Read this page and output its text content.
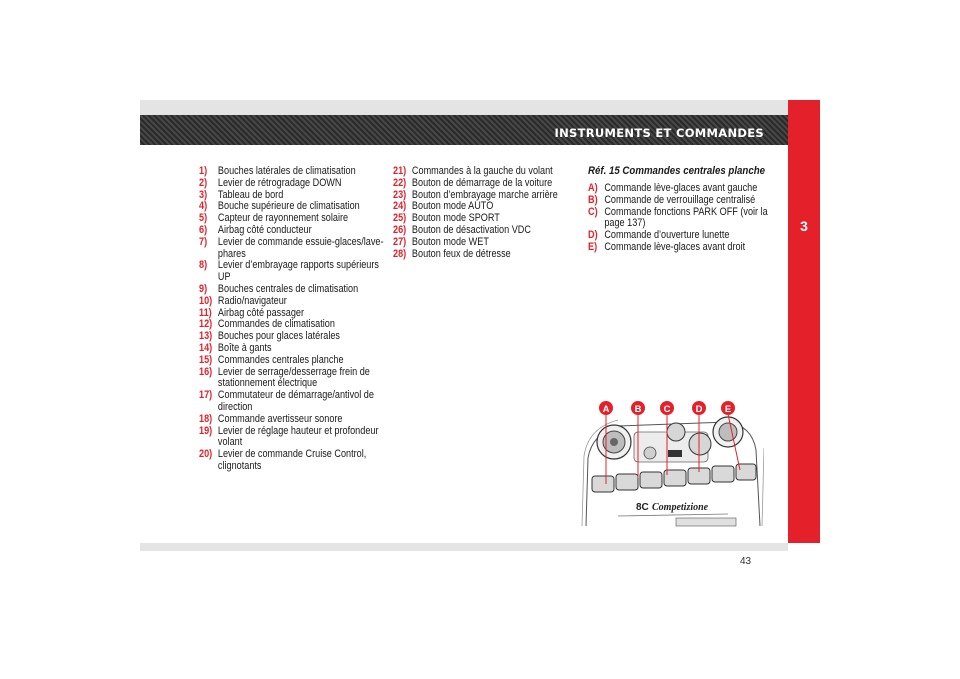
INSTRUMENTS ET COMMANDES
3
1)	Bouches latérales de climatisation
2)	Levier de rétrogradage DOWN
3)	Tableau de bord
4)	Bouche supérieure de climatisation
5)	Capteur de rayonnement solaire
6)	Airbag côté conducteur
7)	Levier de commande essuie-glaces/lave-phares
8)	Levier d’embrayage rapports supérieurs UP
9)	Bouches centrales de climatisation
10) Radio/navigateur
11) Airbag côté passager
12) Commandes de climatisation
13) Bouches pour glaces latérales
14) Boîte à gants
15) Commandes centrales planche
16) Levier de serrage/desserrage frein de stationnement électrique
17) Commutateur de démarrage/antivol de direction
18) Commande avertisseur sonore
19) Levier de réglage hauteur et profondeur volant
20) Levier de commande Cruise Control, clignotants
21) Commandes à la gauche du volant
22) Bouton de démarrage de la voiture
23) Bouton d’embrayage marche arrière
24) Bouton mode AUTO
25) Bouton mode SPORT
26) Bouton de désactivation VDC
27) Bouton mode WET
28) Bouton feux de détresse
Réf. 15 Commandes centrales planche
A) Commande lève-glaces avant gauche
B) Commande de verrouillage centralisé
C) Commande fonctions PARK OFF (voir la page 137)
D) Commande d’ouverture lunette
E) Commande lève-glaces avant droit
8C Competizione
A	B C	D E
43
